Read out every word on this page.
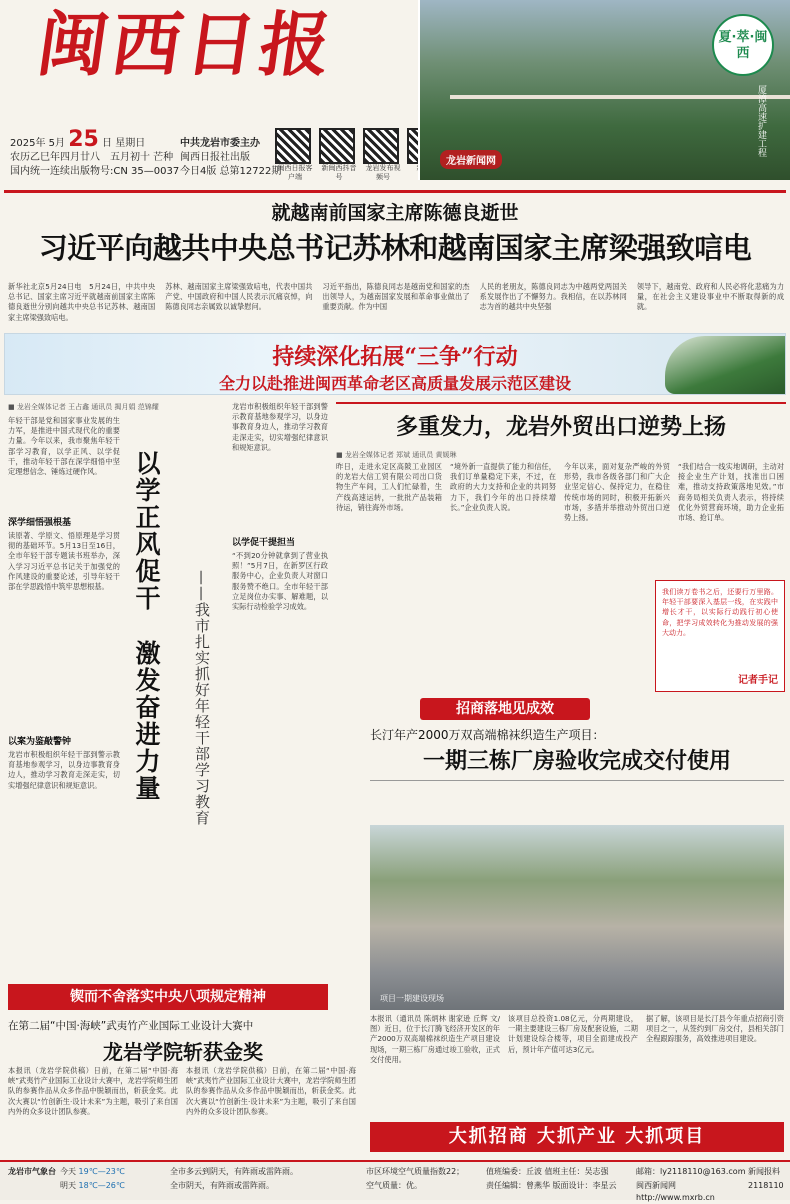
闽西日报
2025年 5月 25 日 星期日
农历乙巳年四月廿八　五月初十 芒种
国内统一连续出版物号:CN 35—0037
中共龙岩市委主办
闽西日报社出版
今日4版 总第12722期
闽西日报客户端
新闽西抖音号
龙岩发布视频号
龙岩新闻网
厦漳高速扩建工程
夏·萃·闽西
就越南前国家主席陈德良逝世
习近平向越共中央总书记苏林和越南国家主席梁强致唁电
新华社北京5月24日电　5月24日，中共中央总书记、国家主席习近平就越南前国家主席陈德良逝世分别向越共中央总书记苏林、越南国家主席梁强致唁电。
苏林、越南国家主席梁强致唁电，代表中国共产党、中国政府和中国人民表示沉痛哀悼，向陈德良同志亲属致以诚挚慰问。
习近平指出，陈德良同志是越南党和国家的杰出领导人，为越南国家发展和革命事业做出了重要贡献。作为中国
人民的老朋友，陈德良同志为中越两党两国关系发展作出了不懈努力。我相信，在以苏林同志为首的越共中央坚强
领导下，越南党、政府和人民必将化悲痛为力量，在社会主义建设事业中不断取得新的成就。
持续深化拓展“三争”行动
全力以赴推进闽西革命老区高质量发展示范区建设
■ 龙岩全媒体记者 王占鑫 通讯员 揭月娟 范锦耀
年轻干部是党和国家事业发展的生力军，是推进中国式现代化的重要力量。今年以来，我市聚焦年轻干部学习教育，以学正风、以学促干，推动年轻干部在深学细悟中坚定理想信念、锤炼过硬作风。
深学细悟强根基
读原著、学原文、悟原理是学习贯彻的基础环节。5月13日至16日，全市年轻干部专题读书班举办，深入学习习近平总书记关于加强党的作风建设的重要论述，引导年轻干部在学思践悟中筑牢思想根基。
以案为鉴敲警钟
龙岩市积极组织年轻干部到警示教育基地参观学习，以身边事教育身边人，推动学习教育走深走实，切实增强纪律意识和规矩意识。
以学正风促干
激发奋进力量 ——我市扎实抓好年轻干部学习教育
龙岩市积极组织年轻干部到警示教育基地参观学习，以身边事教育身边人，推动学习教育走深走实，切实增强纪律意识和规矩意识。
以学促干提担当
“不到20分钟就拿到了营业执照！”5月7日，在新罗区行政服务中心，企业负责人对窗口服务赞不绝口。全市年轻干部立足岗位办实事、解难题，以实际行动检验学习成效。
多重发力，龙岩外贸出口逆势上扬
■ 龙岩全媒体记者 郑斌 通讯员 黄媛琳
昨日，走进永定区高陂工业园区的龙岩大信工贸有限公司出口货物生产车间，工人们忙碌着，生产线高速运转，一批批产品装箱待运，销往海外市场。
“境外新一直提供了能力和信任，我们订单量稳定下来，不过，在政府的大力支持和企业的共同努力下，我们今年的出口持续增长。”企业负责人说。
今年以来，面对复杂严峻的外贸形势，我市各级各部门和广大企业坚定信心、保持定力，在稳住传统市场的同时，积极开拓新兴市场，多措并举推动外贸出口逆势上扬。
“我们结合一线实地调研，主动对接企业生产计划，找准出口困难，推动支持政策落地见效。”市商务局相关负责人表示，将持续优化外贸营商环境，助力企业拓市场、抢订单。
我们读万卷书之后，还要行万里路。年轻干部要深入基层一线，在实践中增长才干，以实际行动践行初心使命，把学习成效转化为推动发展的强大动力。
记者手记
招商落地见成效
长汀年产2000万双高端棉袜织造生产项目：
一期三栋厂房验收完成交付使用
项目一期建设现场
本报讯（通讯员 陈炳林 谢家逊 丘辉 文/图）近日，位于长汀腾飞经济开发区的年产2000万双高端棉袜织造生产项目建设现场，一期三栋厂房通过竣工验收，正式交付使用。
该项目总投资1.08亿元，分两期建设，一期主要建设三栋厂房及配套设施，二期计划建设综合楼等，项目全面建成投产后，预计年产值可达3亿元。
据了解，该项目是长汀县今年重点招商引资项目之一，从签约到厂房交付，县相关部门全程跟踪服务，高效推进项目建设。
大抓招商 大抓产业 大抓项目
锲而不舍落实中央八项规定精神
在第二届“中国·海峡”武夷竹产业国际工业设计大赛中
龙岩学院斩获金奖
本报讯（龙岩学院供稿）日前，在第二届“中国·海峡”武夷竹产业国际工业设计大赛中，龙岩学院师生团队的参赛作品从众多作品中脱颖而出，斩获金奖。此次大赛以“竹创新生·设计未来”为主题，吸引了来自国内外的众多设计团队参赛。
本报讯（龙岩学院供稿）日前，在第二届“中国·海峡”武夷竹产业国际工业设计大赛中，龙岩学院师生团队的参赛作品从众多作品中脱颖而出，斩获金奖。此次大赛以“竹创新生·设计未来”为主题，吸引了来自国内外的众多设计团队参赛。
龙岩市气象台 今天 19℃—23℃
明天 18℃—26℃
全市多云到阴天，有阵雨或雷阵雨。
全市阴天，有阵雨或雷阵雨。
市区环境空气质量指数22；
空气质量：优。
值班编委：丘波 值班主任：吴志强
责任编辑：曾燕华 版面设计：李星云
邮箱：ly2118110@163.com
闽西新闻网 http://www.mxrb.cn
新闻报料
2118110
